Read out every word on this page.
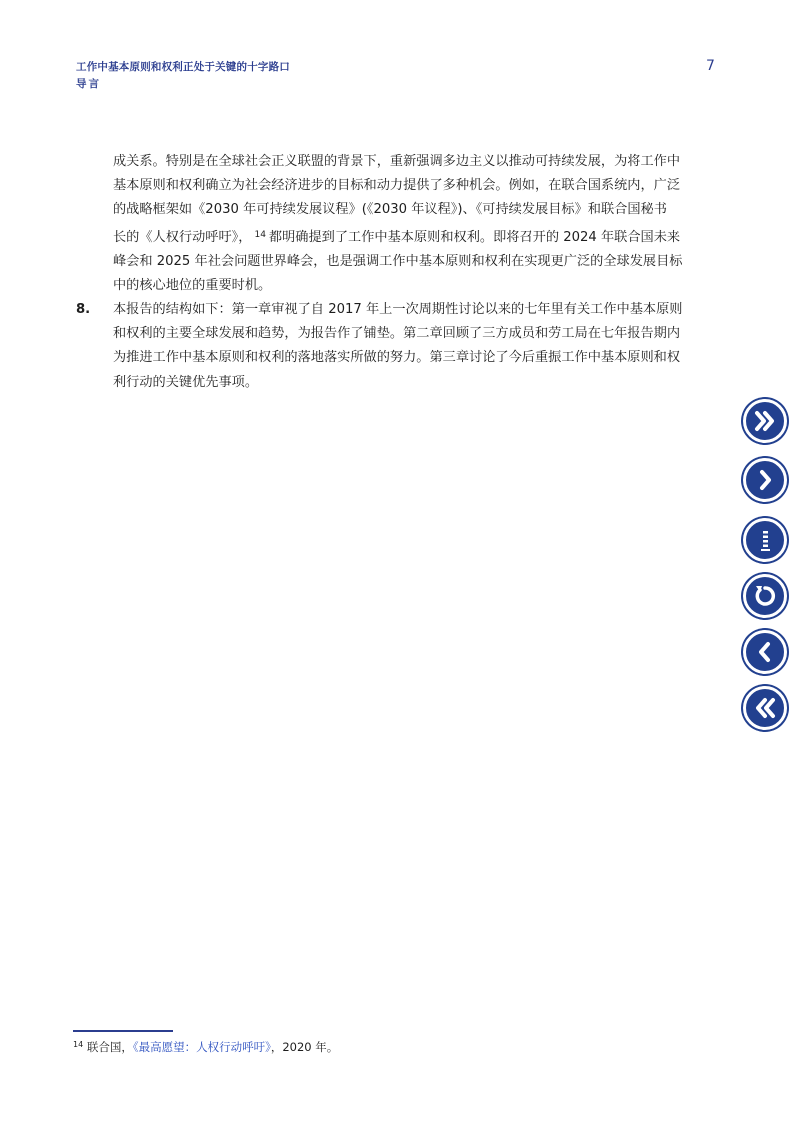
工作中基本原则和权利正处于关键的十字路口
导言
7
成关系。特别是在全球社会正义联盟的背景下，重新强调多边主义以推动可持续发展，为将工作中
基本原则和权利确立为社会经济进步的目标和动力提供了多种机会。例如，在联合国系统内，广泛
的战略框架如《2030 年可持续发展议程》(《2030 年议程》)、《可持续发展目标》和联合国秘书
长的《人权行动呼吁》， $^{14}$ 都明确提到了工作中基本原则和权利。即将召开的 2024 年联合国未来
峰会和 2025 年社会问题世界峰会，也是强调工作中基本原则和权利在实现更广泛的全球发展目标
中的核心地位的重要时机。
8. 本报告的结构如下：第一章审视了自 2017 年上一次周期性讨论以来的七年里有关工作中基本原则
和权利的主要全球发展和趋势，为报告作了铺垫。第二章回顾了三方成员和劳工局在七年报告期内
为推进工作中基本原则和权利的落地落实所做的努力。第三章讨论了今后重振工作中基本原则和权
利行动的关键优先事项。
$^{14}$ 联合国，《最高愿望：人权行动呼吁》，2020 年。
